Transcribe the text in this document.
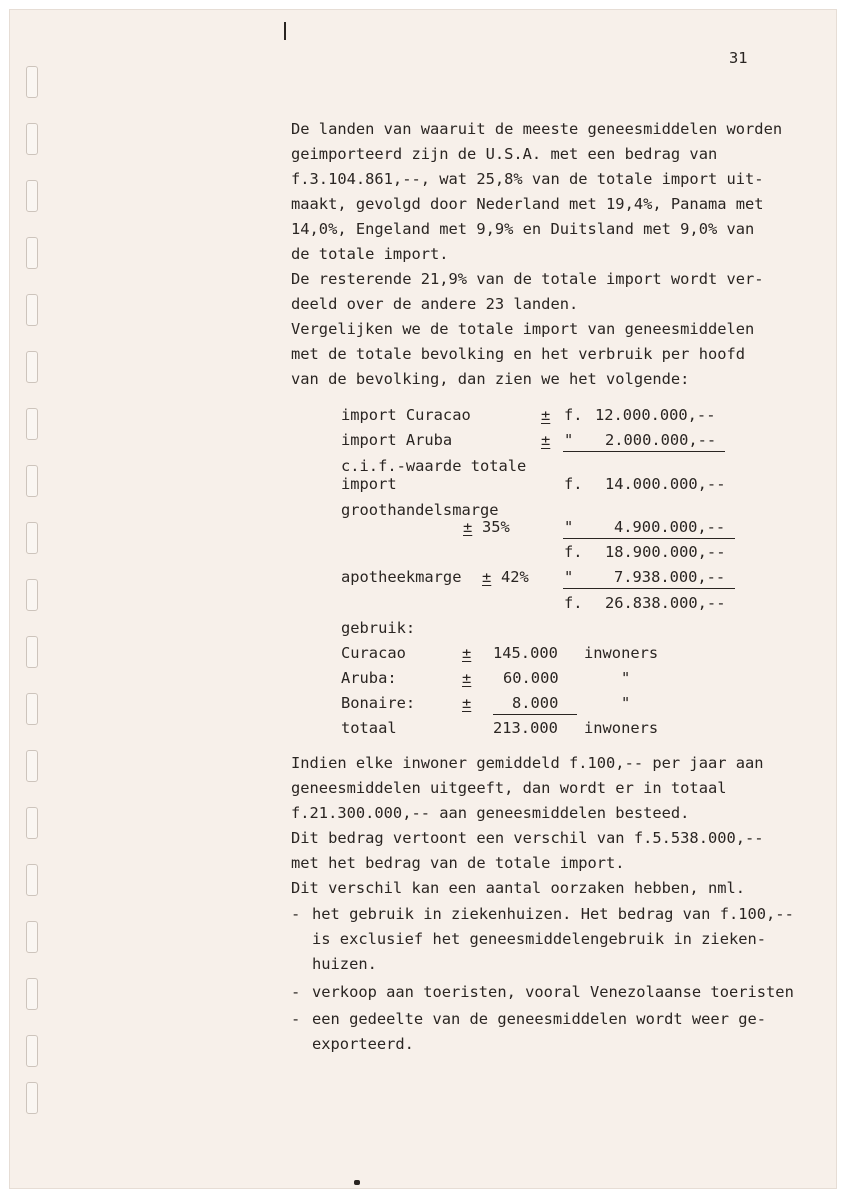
31
De landen van waaruit de meeste geneesmiddelen worden
geimporteerd zijn de U.S.A. met een bedrag van
f.3.104.861,--, wat 25,8% van de totale import uit-
maakt, gevolgd door Nederland met 19,4%, Panama met
14,0%, Engeland met 9,9% en Duitsland met 9,0% van
de totale import.
De resterende 21,9% van de totale import wordt ver-
deeld over de andere 23 landen.
Vergelijken we de totale import van geneesmiddelen
met de totale bevolking en het verbruik per hoofd
van de bevolking, dan zien we het volgende:
import Curacao	± f. 12.000.000,--
import Aruba	± " 2.000.000,--
c.i.f.-waarde totale
import	f. 14.000.000,--
groothandelsmarge
± 35%	"	4.900.000,--
f. 18.900.000,--
apotheekmarge ± 42% "	7.938.000,--
f. 26.838.000,--
gebruik:
Curacao	± 145.000 inwoners
Aruba:	± 60.000	"
Bonaire:	±	8.000	"
totaal	213.000 inwoners
Indien elke inwoner gemiddeld f.100,-- per jaar aan
geneesmiddelen uitgeeft, dan wordt er in totaal
f.21.300.000,-- aan geneesmiddelen besteed.
Dit bedrag vertoont een verschil van f.5.538.000,--
met het bedrag van de totale import.
Dit verschil kan een aantal oorzaken hebben, nml.
- het gebruik in ziekenhuizen. Het bedrag van f.100,--
is exclusief het geneesmiddelengebruik in zieken-
huizen.
- verkoop aan toeristen, vooral Venezolaanse toeristen
- een gedeelte van de geneesmiddelen wordt weer ge-
exporteerd.
